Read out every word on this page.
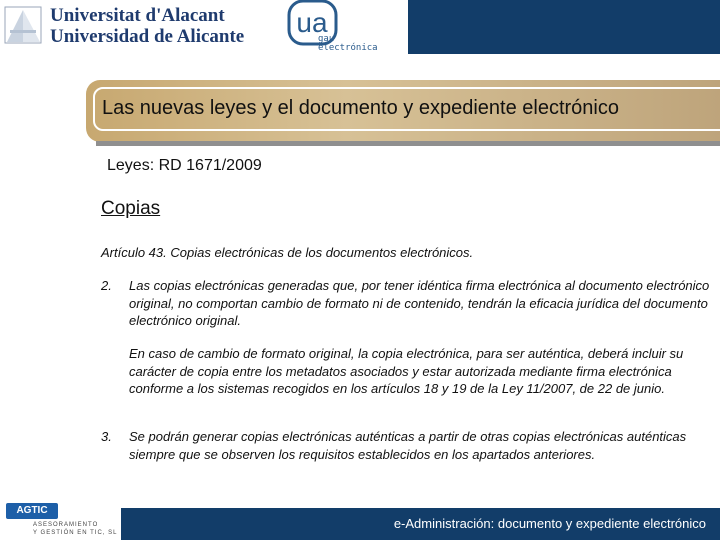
Universitat d'Alacant
Universidad de Alicante ua
gau
electrónica
Las nuevas leyes y el documento y expediente electrónico
Leyes: RD 1671/2009
Copias
Artículo 43. Copias electrónicas de los documentos electrónicos.
2. Las copias electrónicas generadas que, por tener idéntica firma electrónica al documento electrónico original, no comportan cambio de formato ni de contenido, tendrán la eficacia jurídica del documento electrónico original.
En caso de cambio de formato original, la copia electrónica, para ser auténtica, deberá incluir su carácter de copia entre los metadatos asociados y estar autorizada mediante firma electrónica conforme a los sistemas recogidos en los artículos 18 y 19 de la Ley 11/2007, de 22 de junio.
3. Se podrán generar copias electrónicas auténticas a partir de otras copias electrónicas auténticas siempre que se observen los requisitos establecidos en los apartados anteriores.
AGTIC
ASESORAMIENTO
Y GESTIÓN EN TIC, SL
e-Administración: documento y expediente electrónico
